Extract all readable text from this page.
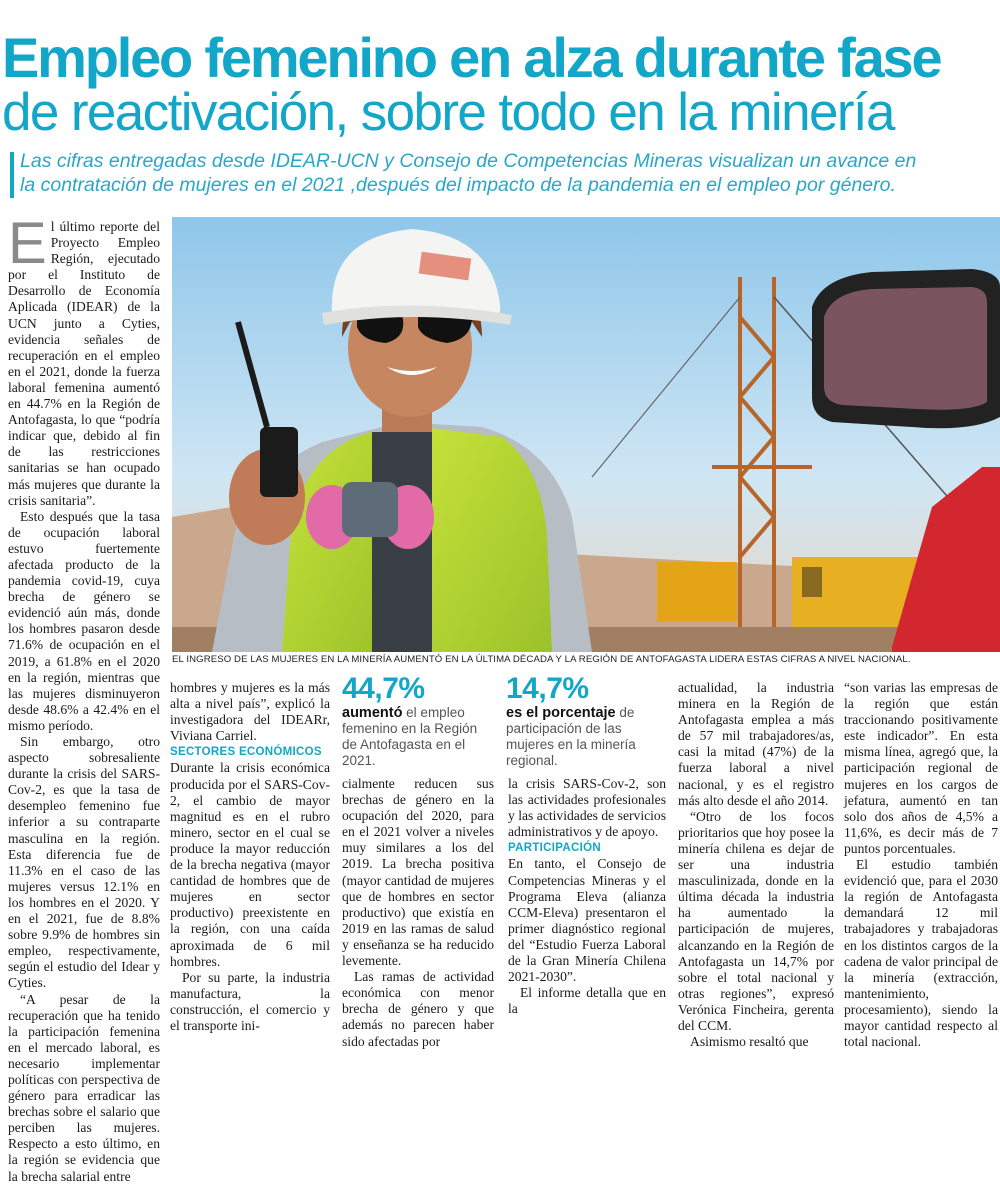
Empleo femenino en alza durante fase
de reactivación, sobre todo en la minería
Las cifras entregadas desde IDEAR-UCN y Consejo de Competencias Mineras visualizan un avance en
la contratación de mujeres en el 2021 ,después del impacto de la pandemia en el empleo por género.

El último reporte del Proyecto Empleo Región, ejecutado por el Instituto de Desarrollo de Economía Aplicada (IDEAR) de la UCN junto a Cyties, evidencia señales de recuperación en el empleo en el 2021, donde la fuerza laboral femenina aumentó en 44.7% en la Región de Antofagasta, lo que “podría indicar que, debido al fin de las restricciones sanitarias se han ocupado más mujeres que durante la crisis sanitaria”.

Esto después que la tasa de ocupación laboral estuvo fuertemente afectada producto de la pandemia covid-19, cuya brecha de género se evidenció aún más, donde los hombres pasaron desde 71.6% de ocupación en el 2019, a 61.8% en el 2020 en la región, mientras que las mujeres disminuyeron desde 48.6% a 42.4% en el mismo período.

Sin embargo, otro aspecto sobresaliente durante la crisis del SARS-Cov-2, es que la tasa de desempleo femenino fue inferior a su contraparte masculina en la región. Esta diferencia fue de 11.3% en el caso de las mujeres versus 12.1% en los hombres en el 2020. Y en el 2021, fue de 8.8% sobre 9.9% de hombres sin empleo, respectivamente, según el estudio del Idear y Cyties.

“A pesar de la recuperación que ha tenido la participación femenina en el mercado laboral, es necesario implementar políticas con perspectiva de género para erradicar las brechas sobre el salario que perciben las mujeres. Respecto a esto último, en la región se evidencia que la brecha salarial entre

EL INGRESO DE LAS MUJERES EN LA MINERÍA AUMENTÓ EN LA ÚLTIMA DÉCADA Y LA REGIÓN DE ANTOFAGASTA LIDERA ESTAS CIFRAS A NIVEL NACIONAL.

hombres y mujeres es la más alta a nivel país”, explicó la investigadora del IDEARr, Viviana Carriel.

SECTORES ECONÓMICOS

Durante la crisis económica producida por el SARS-Cov-2, el cambio de mayor magnitud es en el rubro minero, sector en el cual se produce la mayor reducción de la brecha negativa (mayor cantidad de hombres que de mujeres en sector productivo) preexistente en la región, con una caída aproximada de 6 mil hombres.

Por su parte, la industria manufactura, la construcción, el comercio y el transporte ini-

44,7%
aumentó el empleo femenino en la Región de Antofagasta en el 2021.

cialmente reducen sus brechas de género en la ocupación del 2020, para en el 2021 volver a niveles muy similares a los del 2019. La brecha positiva (mayor cantidad de mujeres que de hombres en sector productivo) que existía en 2019 en las ramas de salud y enseñanza se ha reducido levemente.

Las ramas de actividad económica con menor brecha de género y que además no parecen haber sido afectadas por

14,7%
es el porcentaje de participación de las mujeres en la minería regional.

la crisis SARS-Cov-2, son las actividades profesionales y las actividades de servicios administrativos y de apoyo.

PARTICIPACIÓN

En tanto, el Consejo de Competencias Mineras y el Programa Eleva (alianza CCM-Eleva) presentaron el primer diagnóstico regional del “Estudio Fuerza Laboral de la Gran Minería Chilena 2021-2030”.

El informe detalla que en la

actualidad, la industria minera en la Región de Antofagasta emplea a más de 57 mil trabajadores/as, casi la mitad (47%) de la fuerza laboral a nivel nacional, y es el registro más alto desde el año 2014.

“Otro de los focos prioritarios que hoy posee la minería chilena es dejar de ser una industria masculinizada, donde en la última década la industria ha aumentado la participación de mujeres, alcanzando en la Región de Antofagasta un 14,7% por sobre el total nacional y otras regiones”, expresó Verónica Fincheira, gerenta del CCM.

Asimismo resaltó que

“son varias las empresas de la región que están traccionando positivamente este indicador”. En esta misma línea, agregó que, la participación regional de mujeres en los cargos de jefatura, aumentó en tan solo dos años de 4,5% a 11,6%, es decir más de 7 puntos porcentuales.

El estudio también evidenció que, para el 2030 la región de Antofagasta demandará 12 mil trabajadores y trabajadoras en los distintos cargos de la cadena de valor principal de la minería (extracción, mantenimiento, procesamiento), siendo la mayor cantidad respecto al total nacional.
